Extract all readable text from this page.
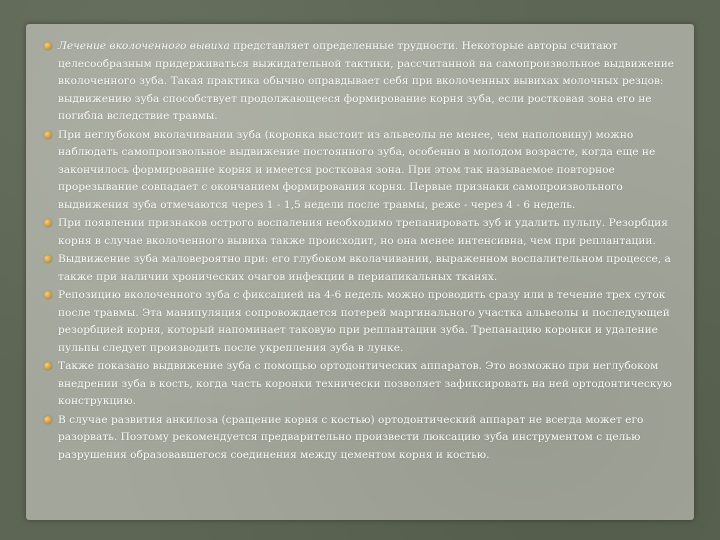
Лечение вколоченного вывиха представляет определенные трудности. Некоторые авторы считают целесообразным придерживаться выжидательной тактики, рассчитанной на самопроизвольное выдвижение вколоченного зуба. Такая практика обычно оправдывает себя при вколоченных вывихах молочных резцов: выдвижению зуба способствует продолжающееся формирование корня зуба, если ростковая зона его не погибла вследствие травмы.
При неглубоком вколачивании зуба (коронка выстоит из альвеолы не менее, чем наполовину) можно наблюдать самопроизвольное выдвижение постоянного зуба, особенно в молодом возрасте, когда еще не закончилось формирование корня и имеется ростковая зона. При этом так называемое повторное прорезывание совпадает с окончанием формирования корня. Первые признаки самопроизвольного выдвижения зуба отмечаются через 1 - 1,5 недели после травмы, реже - через 4 - 6 недель.
При появлении признаков острого воспаления необходимо трепанировать зуб и удалить пульпу. Резорбция корня в случае вколоченного вывиха также происходит, но она менее интенсивна, чем при реплантации.
Выдвижение зуба маловероятно при: его глубоком вколачивании, выраженном воспалительном процессе, а также при наличии хронических очагов инфекции в периапикальных тканях.
Репозицию вколоченного зуба с фиксацией на 4-6 недель можно проводить сразу или в течение трех суток после травмы. Эта манипуляция сопровождается потерей маргинального участка альвеолы и последующей резорбцией корня, который напоминает таковую при реплантации зуба. Трепанацию коронки и удаление пульпы следует производить после укрепления зуба в лунке.
Также показано выдвижение зуба с помощью ортодонтических аппаратов. Это возможно при неглубоком внедрении зуба в кость, когда часть коронки технически позволяет зафиксировать на ней ортодонтическую конструкцию.
В случае развития анкилоза (сращение корня с костью) ортодонтический аппарат не всегда может его разорвать. Поэтому рекомендуется предварительно произвести люксацию зуба инструментом с целью разрушения образовавшегося соединения между цементом корня и костью.
